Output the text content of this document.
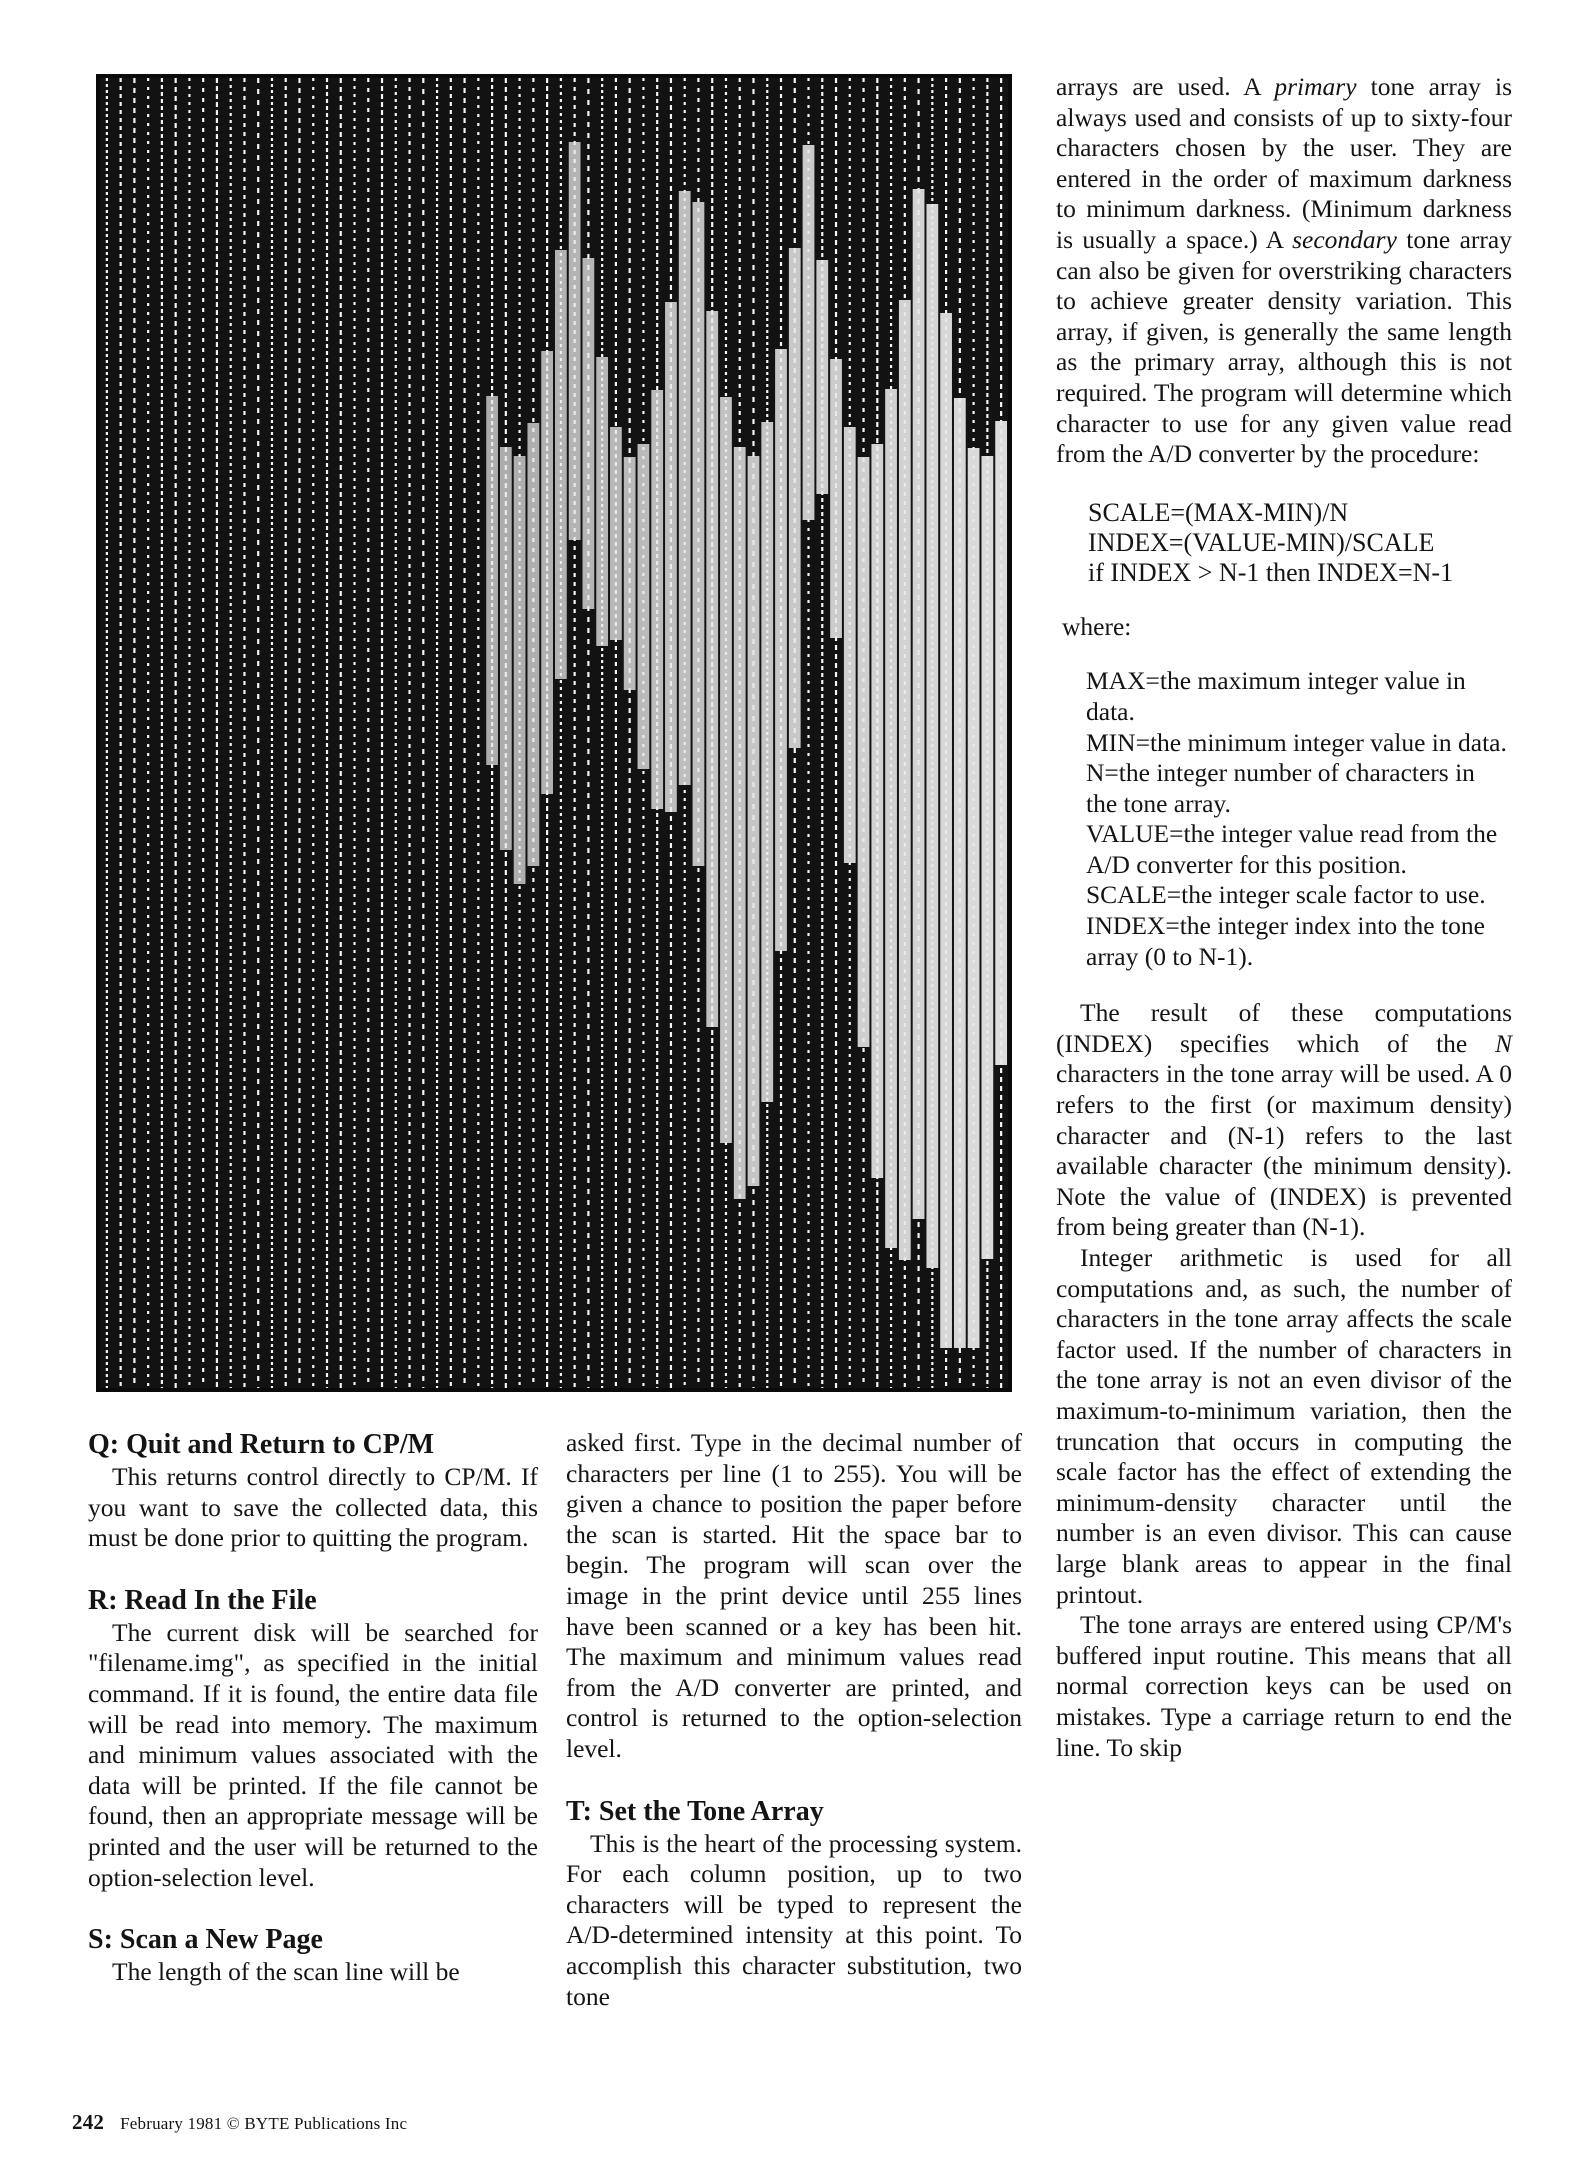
Q: Quit and Return to CP/M

This returns control directly to CP/M. If you want to save the collected data, this must be done prior to quitting the program.

R: Read In the File

The current disk will be searched for "filename.img", as specified in the initial command. If it is found, the entire data file will be read into memory. The maximum and minimum values associated with the data will be printed. If the file cannot be found, then an appropriate message will be printed and the user will be returned to the option-selection level.

S: Scan a New Page

The length of the scan line will be

asked first. Type in the decimal number of characters per line (1 to 255). You will be given a chance to position the paper before the scan is started. Hit the space bar to begin. The program will scan over the image in the print device until 255 lines have been scanned or a key has been hit. The maximum and minimum values read from the A/D converter are printed, and control is returned to the option-selection level.

T: Set the Tone Array

This is the heart of the processing system. For each column position, up to two characters will be typed to represent the A/D-determined intensity at this point. To accomplish this character substitution, two tone

arrays are used. A primary tone array is always used and consists of up to sixty-four characters chosen by the user. They are entered in the order of maximum darkness to minimum darkness. (Minimum darkness is usually a space.) A secondary tone array can also be given for overstriking characters to achieve greater density variation. This array, if given, is generally the same length as the primary array, although this is not required. The program will determine which character to use for any given value read from the A/D converter by the procedure:

SCALE=(MAX-MIN)/N
INDEX=(VALUE-MIN)/SCALE
if INDEX > N-1 then INDEX=N-1
where:

MAX=the maximum integer value in data.

MIN=the minimum integer value in data.

N=the integer number of characters in the tone array.

VALUE=the integer value read from the A/D converter for this position.

SCALE=the integer scale factor to use.

INDEX=the integer index into the tone array (0 to N-1).

The result of these computations (INDEX) specifies which of the N characters in the tone array will be used. A 0 refers to the first (or maximum density) character and (N-1) refers to the last available character (the minimum density). Note the value of (INDEX) is prevented from being greater than (N-1).

Integer arithmetic is used for all computations and, as such, the number of characters in the tone array affects the scale factor used. If the number of characters in the tone array is not an even divisor of the maximum-to-minimum variation, then the truncation that occurs in computing the scale factor has the effect of extending the minimum-density character until the number is an even divisor. This can cause large blank areas to appear in the final printout.

The tone arrays are entered using CP/M's buffered input routine. This means that all normal correction keys can be used on mistakes. Type a carriage return to end the line. To skip

242 February 1981 © BYTE Publications Inc
